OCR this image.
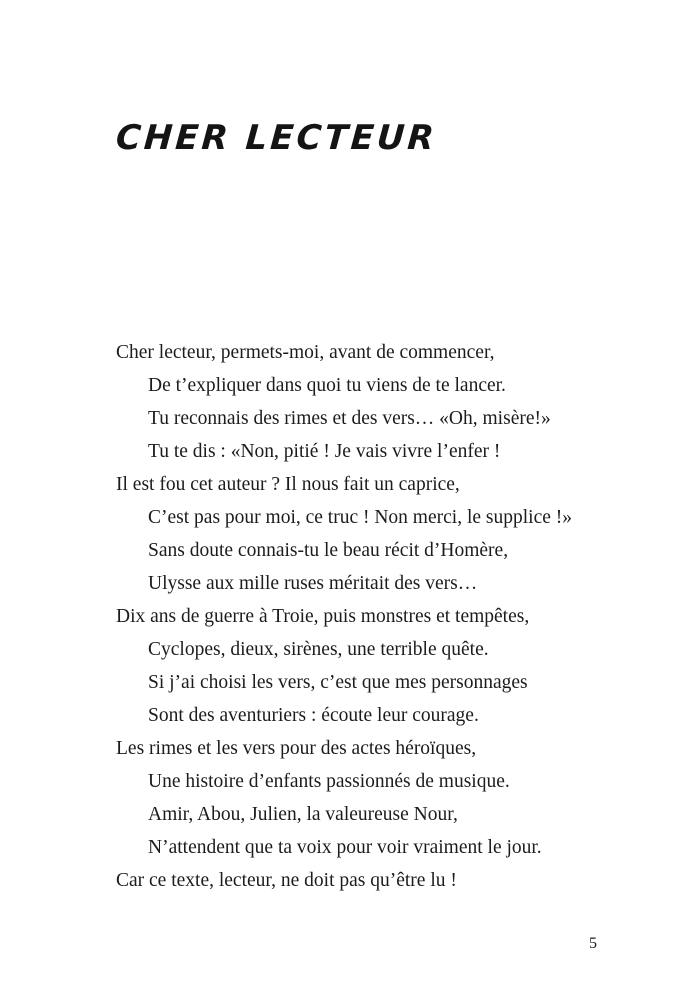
CHER LECTEUR
Cher lecteur, permets-moi, avant de commencer,
De t’expliquer dans quoi tu viens de te lancer.
Tu reconnais des rimes et des vers… «Oh, misère!»
Tu te dis : «Non, pitié ! Je vais vivre l’enfer !
Il est fou cet auteur ? Il nous fait un caprice,
C’est pas pour moi, ce truc ! Non merci, le supplice !»
Sans doute connais-tu le beau récit d’Homère,
Ulysse aux mille ruses méritait des vers…
Dix ans de guerre à Troie, puis monstres et tempêtes,
Cyclopes, dieux, sirènes, une terrible quête.
Si j’ai choisi les vers, c’est que mes personnages
Sont des aventuriers : écoute leur courage.
Les rimes et les vers pour des actes héroïques,
Une histoire d’enfants passionnés de musique.
Amir, Abou, Julien, la valeureuse Nour,
N’attendent que ta voix pour voir vraiment le jour.
Car ce texte, lecteur, ne doit pas qu’être lu !
5
